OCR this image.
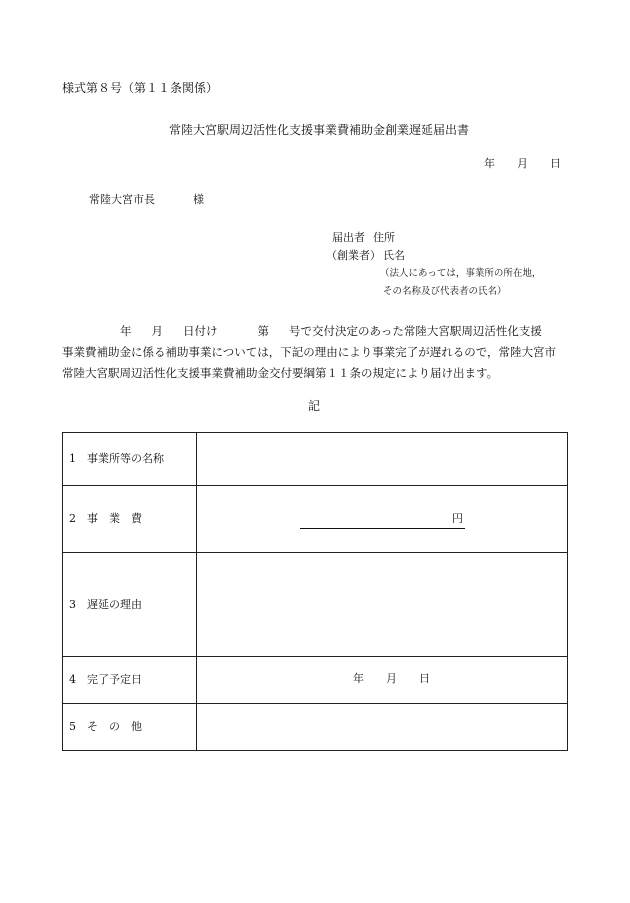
様式第８号（第１１条関係）
常陸大宮駅周辺活性化支援事業費補助金創業遅延届出書
年 月 日
常陸大宮市長	様
届出者 住所
（創業者） 氏名
（法人にあっては，事業所の所在地，
その名称及び代表者の氏名）
年 月 日付け	第 号で交付決定のあった常陸大宮駅周辺活性化支援
事業費補助金に係る補助事業については，下記の理由により事業完了が遅れるので，常陸大宮市
常陸大宮駅周辺活性化支援事業費補助金交付要綱第１１条の規定により届け出ます。
記
1　事業所等の名称
2　事　業　費	円
3　遅延の理由
4　完了予定日	年 月 日
5　そ　の　他
